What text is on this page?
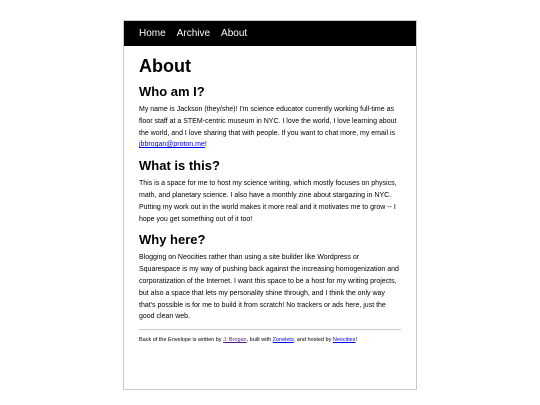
Home Archive About
About
Who am I?

My name is Jackson (they/she)! I'm science educator currently working full-time as floor staff at a STEM-centric museum in NYC. I love the world, I love learning about the world, and I love sharing that with people. If you want to chat more, my email is jbbrogan@proton.me!

What is this?

This is a space for me to host my science writing, which mostly focuses on physics, math, and planetary science. I also have a monthly zine about stargazing in NYC. Putting my work out in the world makes it more real and it motivates me to grow -- I hope you get something out of it too!

Why here?

Blogging on Neocities rather than using a site builder like Wordpress or Squarespace is my way of pushing back against the increasing homogenization and corporatization of the Internet. I want this space to be a host for my writing projects, but also a space that lets my personality shine through, and I think the only way that's possible is for me to build it from scratch! No trackers or ads here, just the good clean web.

Back of the Envelope is written by J. Brogan, built with Zonelets, and hosted by Neocities!
